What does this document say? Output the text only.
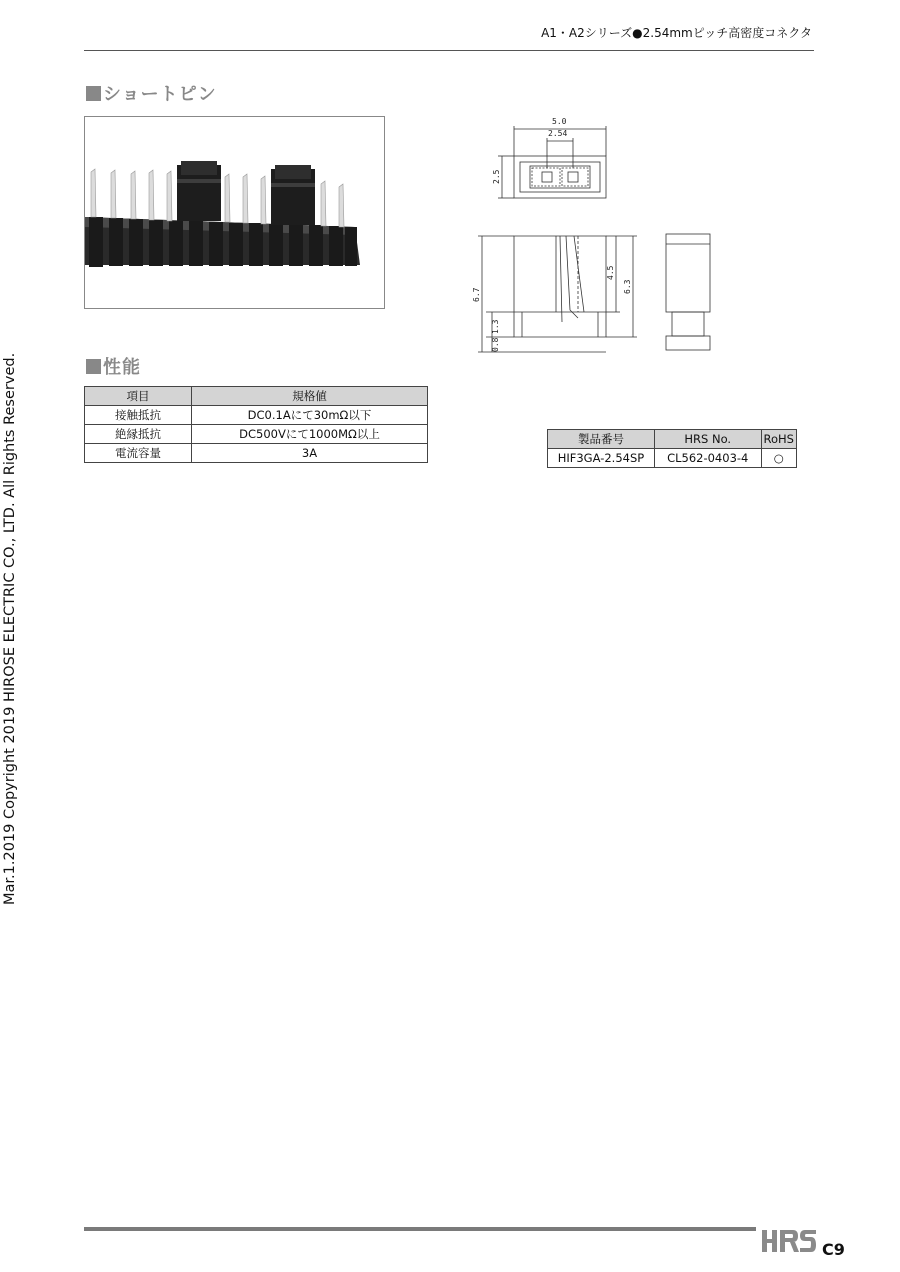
A1・A2シリーズ●2.54mmピッチ高密度コネクタ
ショートピン
5.0
2.54
2.5
6.7
4.5
6.3
1.3
0.8
性能
項目	規格値
接触抵抗	DC0.1Aにて30mΩ以下
絶縁抵抗	DC500Vにて1000MΩ以上
電流容量	3A
製品番号	HRS No.	RoHS
HIF3GA-2.54SP	CL562-0403-4	○
Mar.1.2019 Copyright 2019 HIROSE ELECTRIC CO., LTD. All Rights Reserved.
C9
